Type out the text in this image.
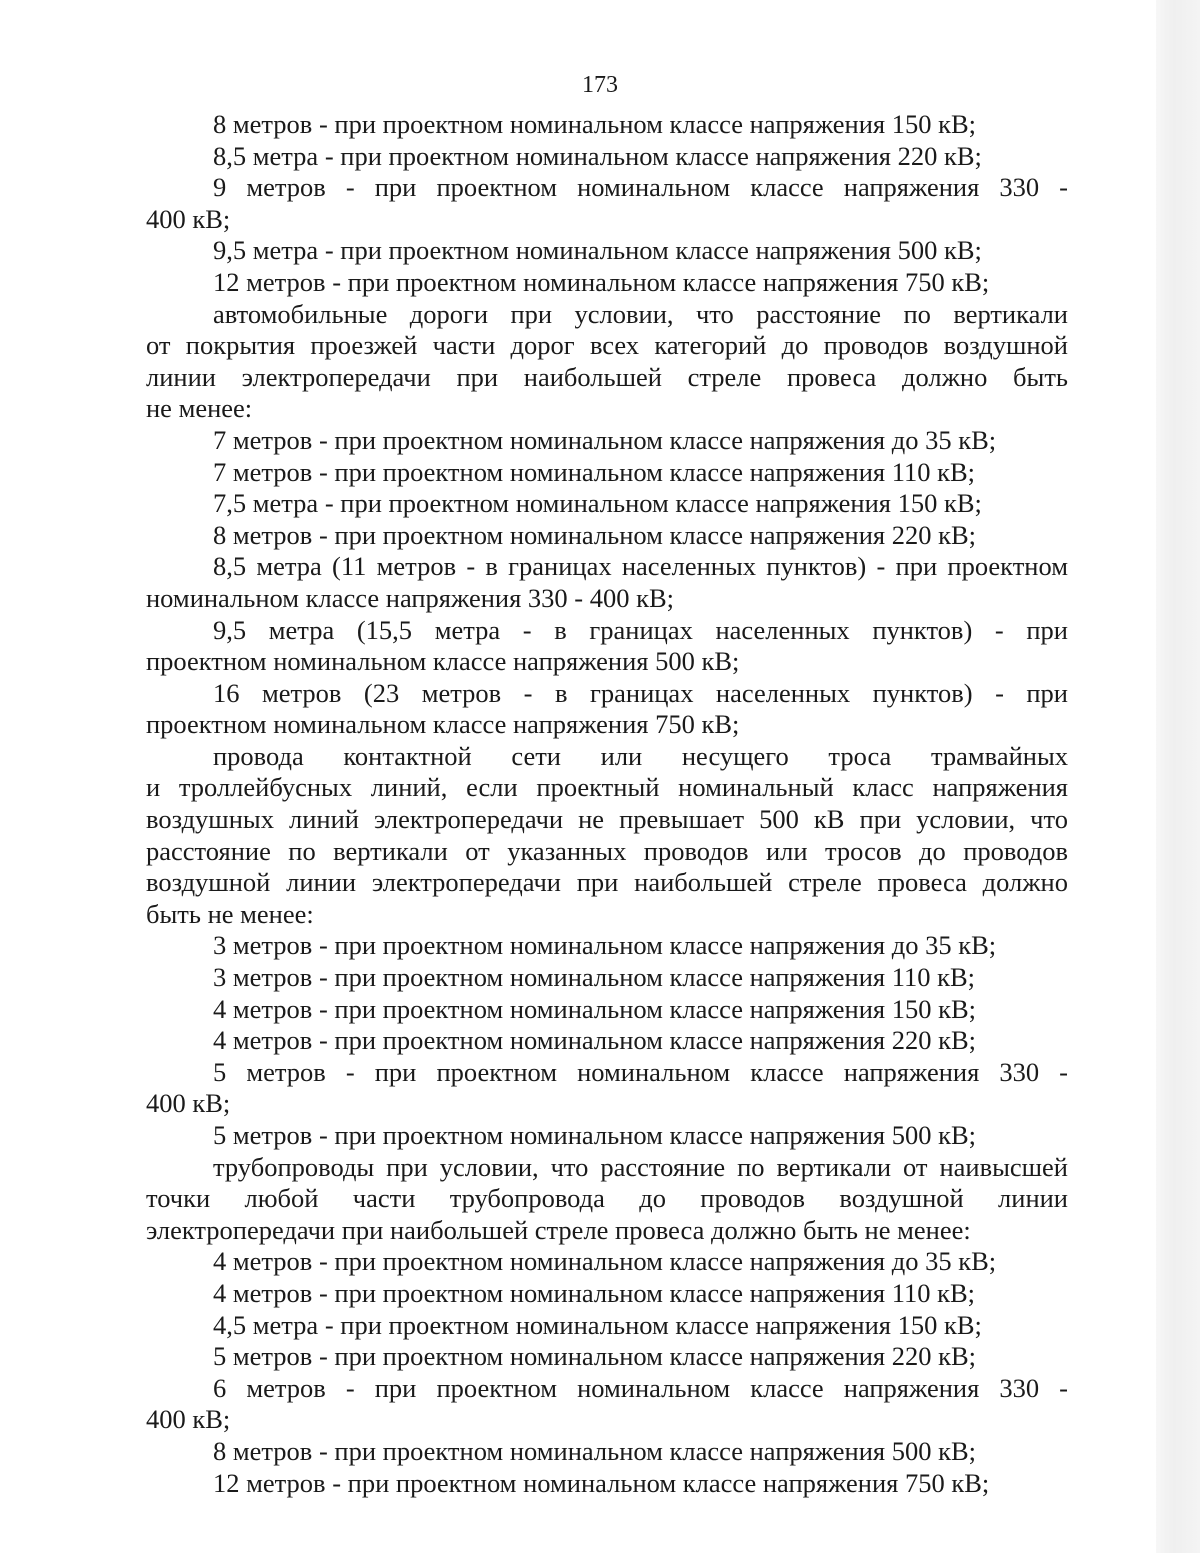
173
8 метров - при проектном номинальном классе напряжения 150 кВ;
8,5 метра - при проектном номинальном классе напряжения 220 кВ;
9 метров - при проектном номинальном классе напряжения 330 -
400 кВ;
9,5 метра - при проектном номинальном классе напряжения 500 кВ;
12 метров - при проектном номинальном классе напряжения 750 кВ;
автомобильные дороги при условии, что расстояние по вертикали
от покрытия проезжей части дорог всех категорий до проводов воздушной
линии электропередачи при наибольшей стреле провеса должно быть
не менее:
7 метров - при проектном номинальном классе напряжения до 35 кВ;
7 метров - при проектном номинальном классе напряжения 110 кВ;
7,5 метра - при проектном номинальном классе напряжения 150 кВ;
8 метров - при проектном номинальном классе напряжения 220 кВ;
8,5 метра (11 метров - в границах населенных пунктов) - при проектном
номинальном классе напряжения 330 - 400 кВ;
9,5 метра (15,5 метра - в границах населенных пунктов) - при
проектном номинальном классе напряжения 500 кВ;
16 метров (23 метров - в границах населенных пунктов) - при
проектном номинальном классе напряжения 750 кВ;
провода контактной сети или несущего троса трамвайных
и троллейбусных линий, если проектный номинальный класс напряжения
воздушных линий электропередачи не превышает 500 кВ при условии, что
расстояние по вертикали от указанных проводов или тросов до проводов
воздушной линии электропередачи при наибольшей стреле провеса должно
быть не менее:
3 метров - при проектном номинальном классе напряжения до 35 кВ;
3 метров - при проектном номинальном классе напряжения 110 кВ;
4 метров - при проектном номинальном классе напряжения 150 кВ;
4 метров - при проектном номинальном классе напряжения 220 кВ;
5 метров - при проектном номинальном классе напряжения 330 -
400 кВ;
5 метров - при проектном номинальном классе напряжения 500 кВ;
трубопроводы при условии, что расстояние по вертикали от наивысшей
точки любой части трубопровода до проводов воздушной линии
электропередачи при наибольшей стреле провеса должно быть не менее:
4 метров - при проектном номинальном классе напряжения до 35 кВ;
4 метров - при проектном номинальном классе напряжения 110 кВ;
4,5 метра - при проектном номинальном классе напряжения 150 кВ;
5 метров - при проектном номинальном классе напряжения 220 кВ;
6 метров - при проектном номинальном классе напряжения 330 -
400 кВ;
8 метров - при проектном номинальном классе напряжения 500 кВ;
12 метров - при проектном номинальном классе напряжения 750 кВ;
